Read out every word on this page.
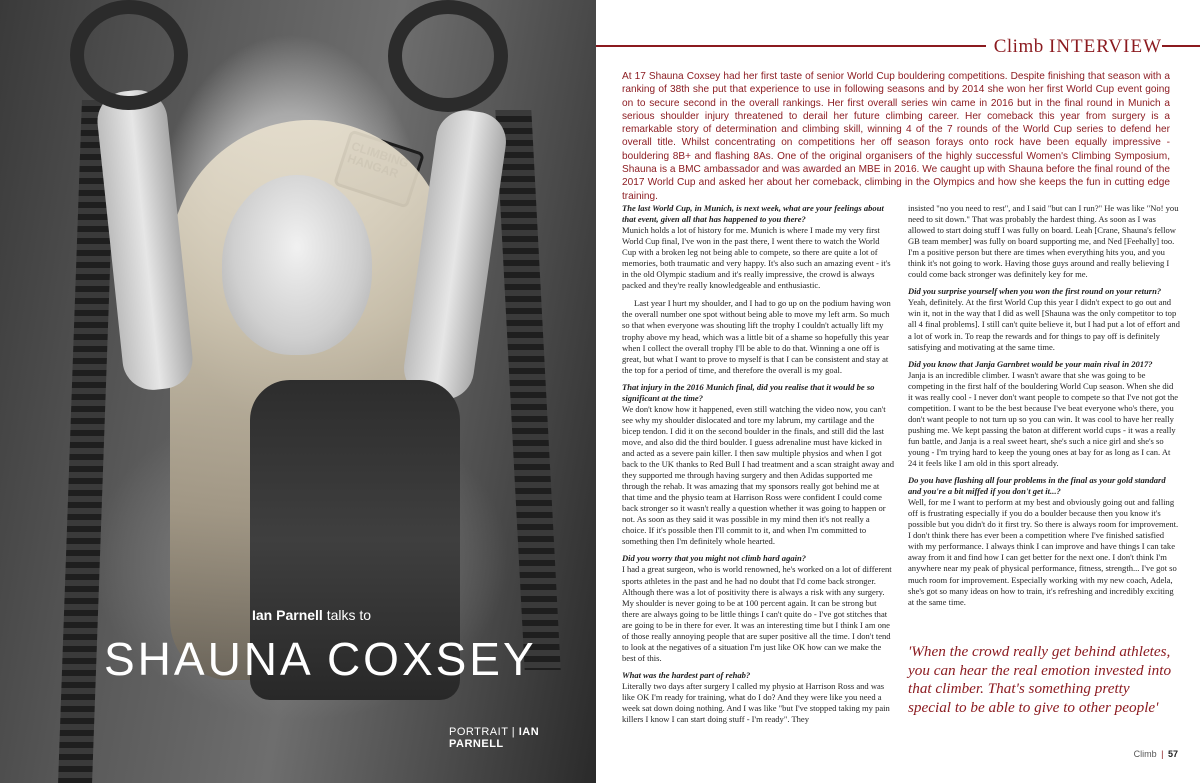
Ian Parnell talks to
SHAUNA COXSEY
PORTRAIT | IAN PARNELL
Climb INTERVIEW
At 17 Shauna Coxsey had her first taste of senior World Cup bouldering competitions. Despite finishing that season with a ranking of 38th she put that experience to use in following seasons and by 2014 she won her first World Cup event going on to secure second in the overall rankings. Her first overall series win came in 2016 but in the final round in Munich a serious shoulder injury threatened to derail her future climbing career. Her comeback this year from surgery is a remarkable story of determination and climbing skill, winning 4 of the 7 rounds of the World Cup series to defend her overall title. Whilst concentrating on competitions her off season forays onto rock have been equally impressive - bouldering 8B+ and flashing 8As. One of the original organisers of the highly successful Women's Climbing Symposium, Shauna is a BMC ambassador and was awarded an MBE in 2016. We caught up with Shauna before the final round of the 2017 World Cup and asked her about her comeback, climbing in the Olympics and how she keeps the fun in cutting edge training.
The last World Cup, in Munich, is next week, what are your feelings about that event, given all that has happened to you there?
Munich holds a lot of history for me. Munich is where I made my very first World Cup final, I've won in the past there, I went there to watch the World Cup with a broken leg not being able to compete, so there are quite a lot of memories, both traumatic and very happy. It's also such an amazing event - it's in the old Olympic stadium and it's really impressive, the crowd is always packed and they're really knowledgeable and enthusiastic.
Last year I hurt my shoulder, and I had to go up on the podium having won the overall number one spot without being able to move my left arm. So much so that when everyone was shouting lift the trophy I couldn't actually lift my trophy above my head, which was a little bit of a shame so hopefully this year when I collect the overall trophy I'll be able to do that. Winning a one off is great, but what I want to prove to myself is that I can be consistent and stay at the top for a period of time, and therefore the overall is my goal.
That injury in the 2016 Munich final, did you realise that it would be so significant at the time?
We don't know how it happened, even still watching the video now, you can't see why my shoulder dislocated and tore my labrum, my cartilage and the bicep tendon. I did it on the second boulder in the finals, and still did the last move, and also did the third boulder. I guess adrenaline must have kicked in and acted as a severe pain killer. I then saw multiple physios and when I got back to the UK thanks to Red Bull I had treatment and a scan straight away and they supported me through having surgery and then Adidas supported me through the rehab. It was amazing that my sponsors really got behind me at that time and the physio team at Harrison Ross were confident I could come back stronger so it wasn't really a question whether it was going to happen or not. As soon as they said it was possible in my mind then it's not really a choice. If it's possible then I'll commit to it, and when I'm committed to something then I'm definitely whole hearted.
Did you worry that you might not climb hard again?
I had a great surgeon, who is world renowned, he's worked on a lot of different sports athletes in the past and he had no doubt that I'd come back stronger. Although there was a lot of positivity there is always a risk with any surgery. My shoulder is never going to be at 100 percent again. It can be strong but there are always going to be little things I can't quite do - I've got stitches that are going to be in there for ever. It was an interesting time but I think I am one of those really annoying people that are super positive all the time. I don't tend to look at the negatives of a situation I'm just like OK how can we make the best of this.
What was the hardest part of rehab?
Literally two days after surgery I called my physio at Harrison Ross and was like OK I'm ready for training, what do I do? And they were like you need a week sat down doing nothing. And I was like "but I've stopped taking my pain killers I know I can start doing stuff - I'm ready". They
insisted "no you need to rest", and I said "but can I run?" He was like "No! you need to sit down." That was probably the hardest thing. As soon as I was allowed to start doing stuff I was fully on board. Leah [Crane, Shauna's fellow GB team member] was fully on board supporting me, and Ned [Feehally] too. I'm a positive person but there are times when everything hits you, and you think it's not going to work. Having those guys around and really believing I could come back stronger was definitely key for me.
Did you surprise yourself when you won the first round on your return?
Yeah, definitely. At the first World Cup this year I didn't expect to go out and win it, not in the way that I did as well [Shauna was the only competitor to top all 4 final problems]. I still can't quite believe it, but I had put a lot of effort and a lot of work in. To reap the rewards and for things to pay off is definitely satisfying and motivating at the same time.
Did you know that Janja Garnbret would be your main rival in 2017?
Janja is an incredible climber. I wasn't aware that she was going to be competing in the first half of the bouldering World Cup season. When she did it was really cool - I never don't want people to compete so that I've not got the competition. I want to be the best because I've beat everyone who's there, you don't want people to not turn up so you can win. It was cool to have her really pushing me. We kept passing the baton at different world cups - it was a really fun battle, and Janja is a real sweet heart, she's such a nice girl and she's so young - I'm trying hard to keep the young ones at bay for as long as I can. At 24 it feels like I am old in this sport already.
Do you have flashing all four problems in the final as your gold standard and you're a bit miffed if you don't get it...?
Well, for me I want to perform at my best and obviously going out and falling off is frustrating especially if you do a boulder because then you know it's possible but you didn't do it first try. So there is always room for improvement. I don't think there has ever been a competition where I've finished satisfied with my performance. I always think I can improve and have things I can take away from it and find how I can get better for the next one. I don't think I'm anywhere near my peak of physical performance, fitness, strength... I've got so much room for improvement. Especially working with my new coach, Adela, she's got so many ideas on how to train, it's refreshing and incredibly exciting at the same time.
'When the crowd really get behind athletes, you can hear the real emotion invested into that climber. That's something pretty special to be able to give to other people'
Climb | 57
